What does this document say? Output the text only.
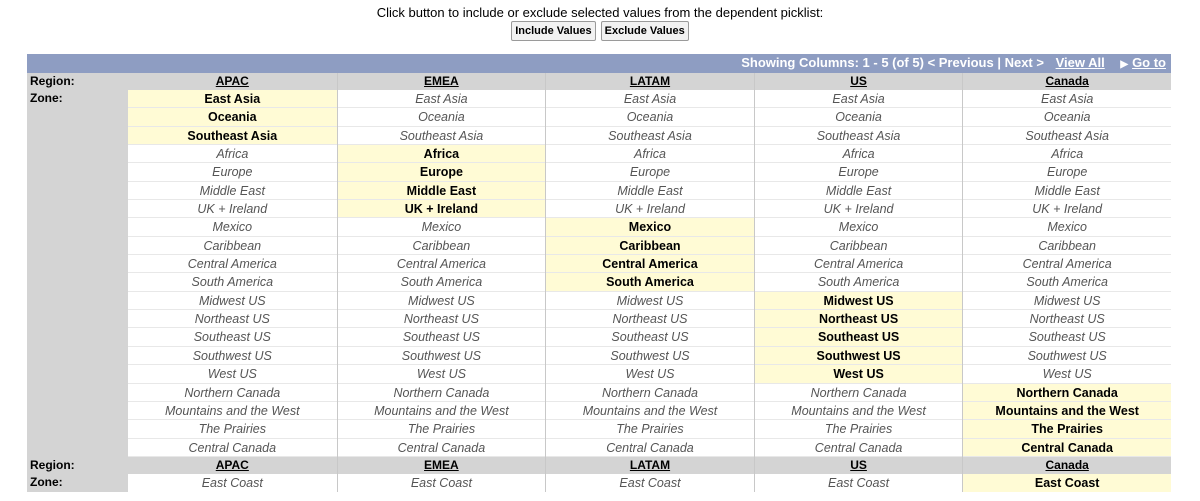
Click button to include or exclude selected values from the dependent picklist:
Include Values	Exclude Values
Showing Columns: 1 - 5 (of 5) < Previous | Next > View All ▶ Go to
Region:
Zone:
Region:
Zone:
APAC
East Asia
Oceania
Southeast Asia
Africa
Europe
Middle East
UK + Ireland
Mexico
Caribbean
Central America
South America
Midwest US
Northeast US
Southeast US
Southwest US
West US
Northern Canada
Mountains and the West
The Prairies
Central Canada
EMEA
East Asia
Oceania
Southeast Asia
Africa
Europe
Middle East
UK + Ireland
Mexico
Caribbean
Central America
South America
Midwest US
Northeast US
Southeast US
Southwest US
West US
Northern Canada
Mountains and the West
The Prairies
Central Canada
LATAM
East Asia
Oceania
Southeast Asia
Africa
Europe
Middle East
UK + Ireland
Mexico
Caribbean
Central America
South America
Midwest US
Northeast US
Southeast US
Southwest US
West US
Northern Canada
Mountains and the West
The Prairies
Central Canada
US
East Asia
Oceania
Southeast Asia
Africa
Europe
Middle East
UK + Ireland
Mexico
Caribbean
Central America
South America
Midwest US
Northeast US
Southeast US
Southwest US
West US
Northern Canada
Mountains and the West
The Prairies
Central Canada
Canada
East Asia
Oceania
Southeast Asia
Africa
Europe
Middle East
UK + Ireland
Mexico
Caribbean
Central America
South America
Midwest US
Northeast US
Southeast US
Southwest US
West US
Northern Canada
Mountains and the West
The Prairies
Central Canada
APAC
East Coast
EMEA
East Coast
LATAM
East Coast
US
East Coast
Canada
East Coast
